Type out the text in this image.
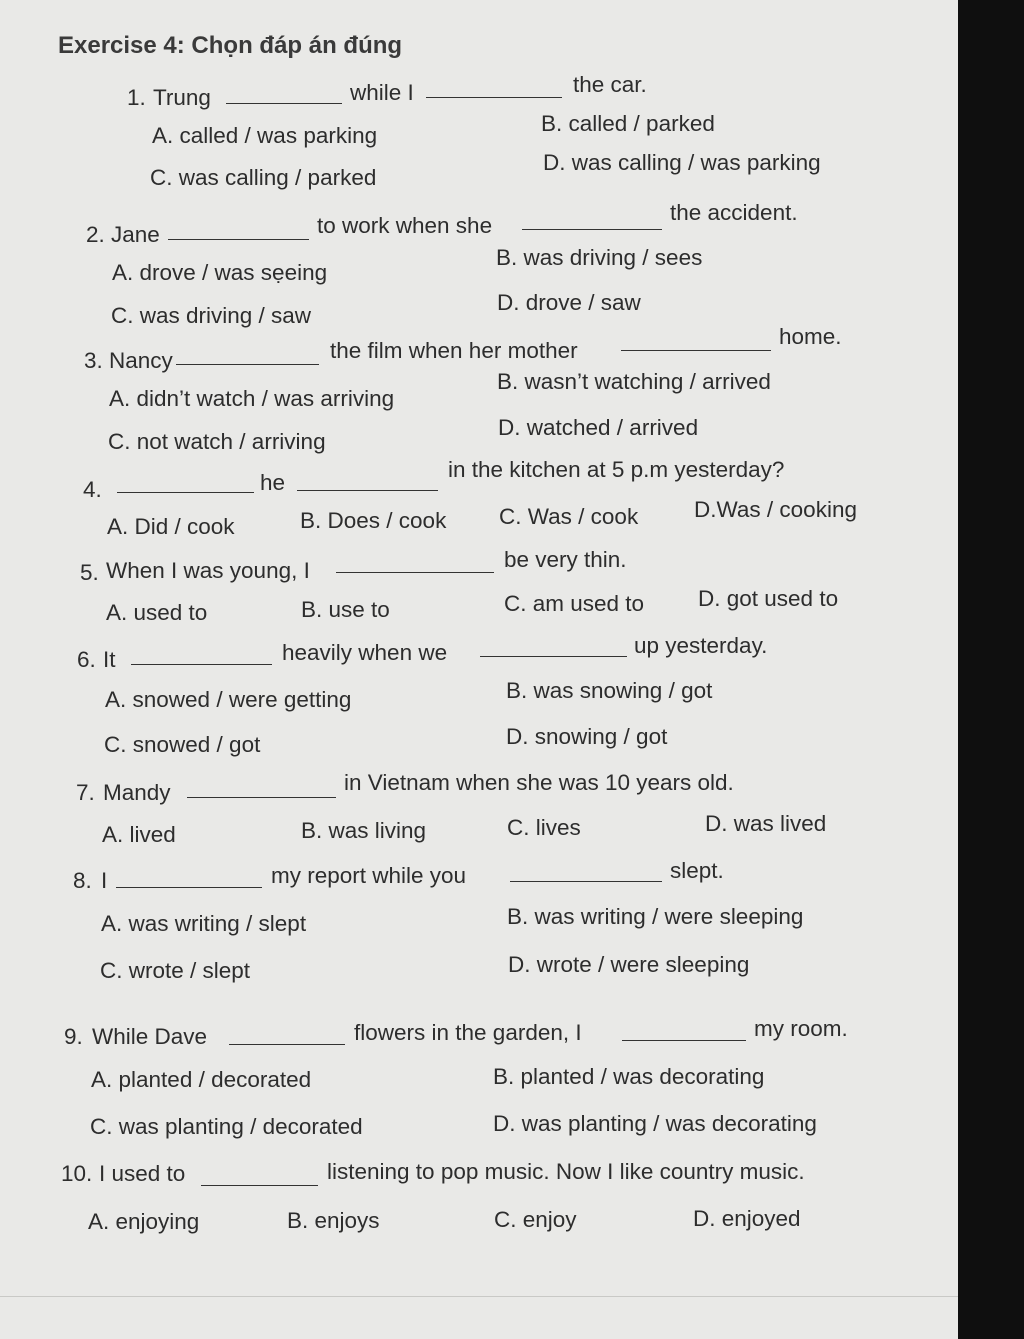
Exercise 4: Chọn đáp án đúng
1. Trung	while I	the car.
A. called / was parking	B. called / parked
C. was calling / parked
D. was calling / was parking
2. Jane	to work when she
the accident.
A. drove / was sẹeing
B. was driving / sees
C. was driving / saw
D. drove / saw
3. Nancy	the film when her mother
home.
A. didn’t watch / was arriving
B. wasn’t watching / arrived
C. not watch / arriving
D. watched / arrived
4.	he
in the kitchen at 5 p.m yesterday?
A. Did / cook	B. Does / cook C. Was / cook D.Was / cooking
5. When I was young, I	be very thin.
A. used to	B. use to	C. am used to D. got used to
6. It	heavily when we	up yesterday.
A. snowed / were getting	B. was snowing / got
C. snowed / got	D. snowing / got
7. Mandy	in Vietnam when she was 10 years old.
A. lived	B. was living	C. lives	D. was lived
8. I	my report while you	slept.
A. was writing / slept	B. was writing / were sleeping
C. wrote / slept	D. wrote / were sleeping
9. While Dave	flowers in the garden, I	my room.
A. planted / decorated	B. planted / was decorating
C. was planting / decorated	D. was planting / was decorating
10. I used to	listening to pop music. Now I like country music.
A. enjoying	B. enjoys	C. enjoy	D. enjoyed
